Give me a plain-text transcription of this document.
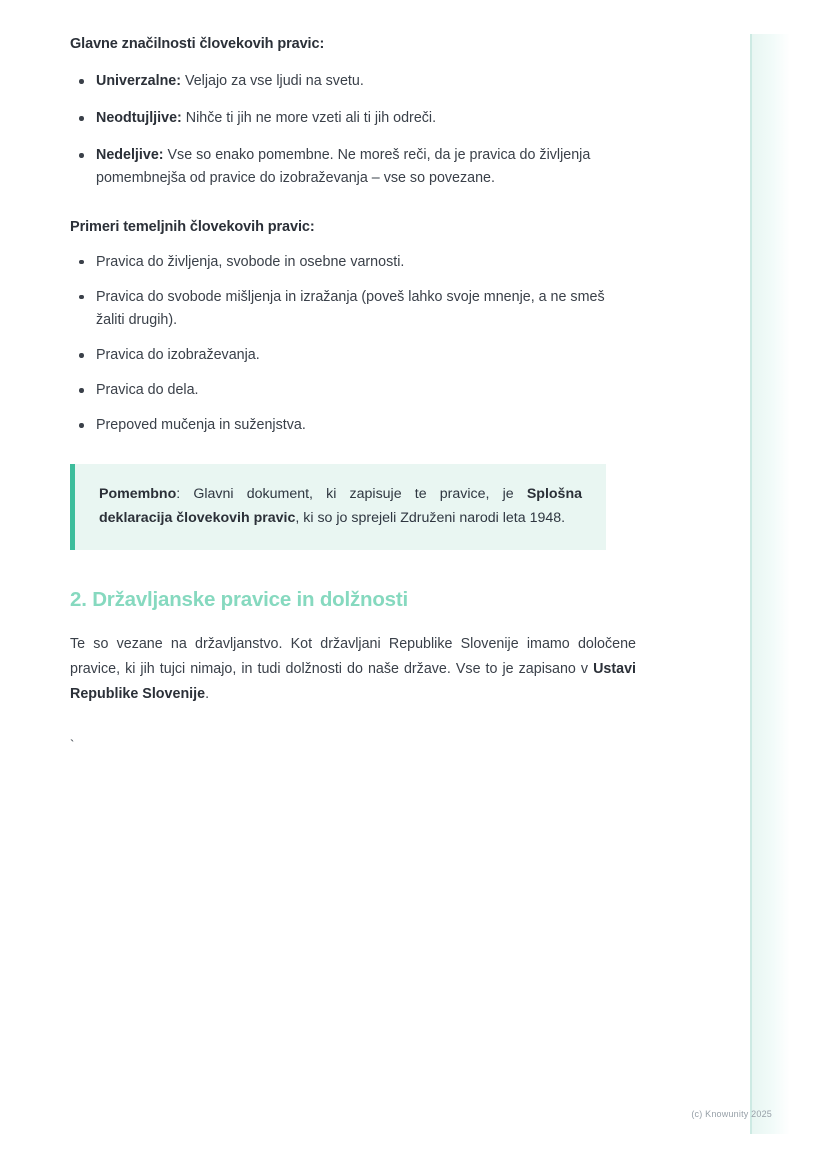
Glavne značilnosti človekovih pravic:
Univerzalne: Veljajo za vse ljudi na svetu.
Neodtujljive: Nihče ti jih ne more vzeti ali ti jih odreči.
Nedeljive: Vse so enako pomembne. Ne moreš reči, da je pravica do življenja pomembnejša od pravice do izobraževanja – vse so povezane.
Primeri temeljnih človekovih pravic:
Pravica do življenja, svobode in osebne varnosti.
Pravica do svobode mišljenja in izražanja (poveš lahko svoje mnenje, a ne smeš žaliti drugih).
Pravica do izobraževanja.
Pravica do dela.
Prepoved mučenja in suženjstva.

Pomembno: Glavni dokument, ki zapisuje te pravice, je Splošna deklaracija človekovih pravic, ki so jo sprejeli Združeni narodi leta 1948.

2. Državljanske pravice in dolžnosti

Te so vezane na državljanstvo. Kot državljani Republike Slovenije imamo določene pravice, ki jih tujci nimajo, in tudi dolžnosti do naše države. Vse to je zapisano v Ustavi Republike Slovenije.

`
(c) Knowunity 2025
